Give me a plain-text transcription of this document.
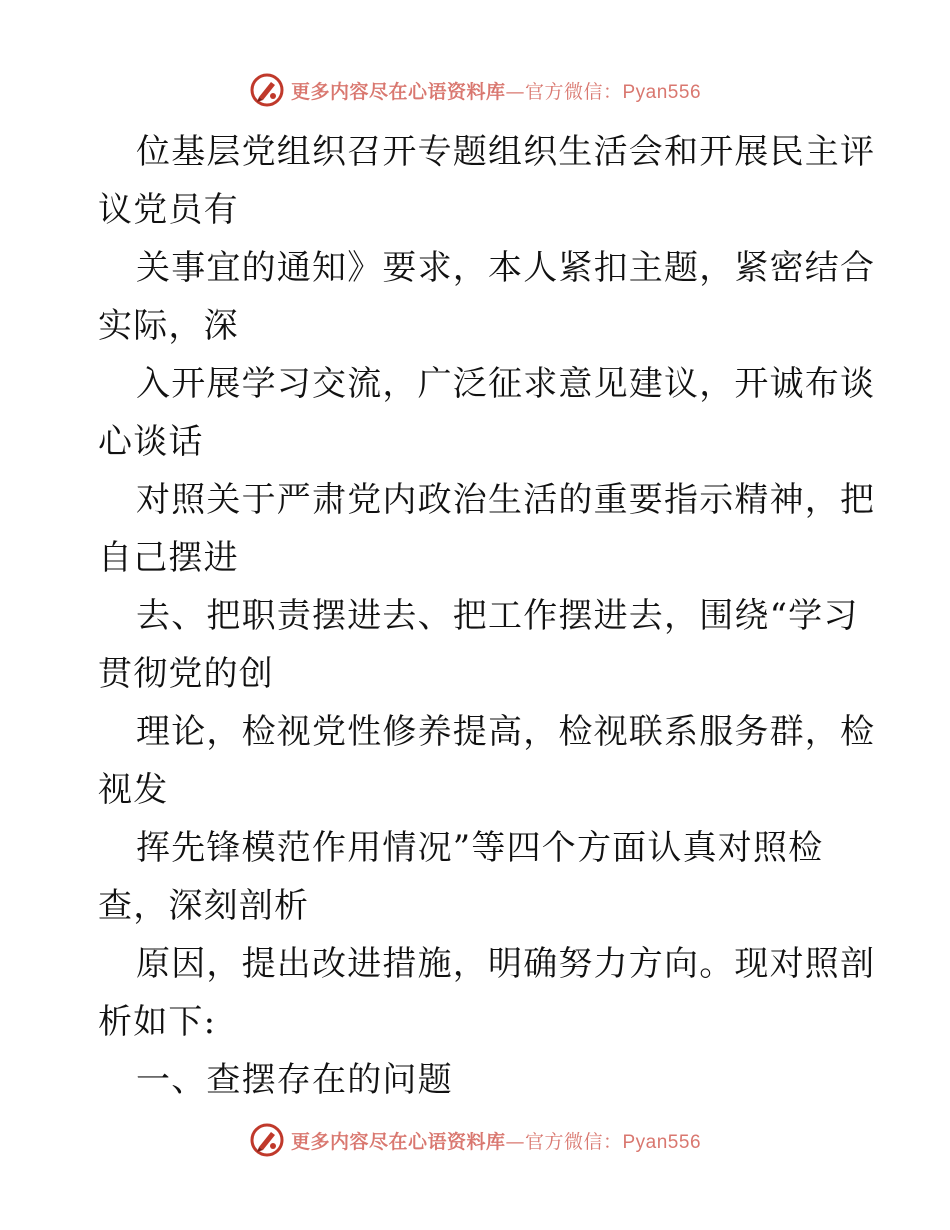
更多内容尽在心语资料库—官方微信：Pyan556

位基层党组织召开专题组织生活会和开展民主评
议党员有

关事宜的通知》要求，本人紧扣主题，紧密结合
实际，深

入开展学习交流，广泛征求意见建议，开诚布谈
心谈话

对照关于严肃党内政治生活的重要指示精神，把
自己摆进

去、把职责摆进去、把工作摆进去，围绕“学习
贯彻党的创

理论，检视党性修养提高，检视联系服务群，检
视发

挥先锋模范作用情况”等四个方面认真对照检
查，深刻剖析

原因，提出改进措施，明确努力方向。现对照剖
析如下:

一、查摆存在的问题

更多内容尽在心语资料库—官方微信：Pyan556
